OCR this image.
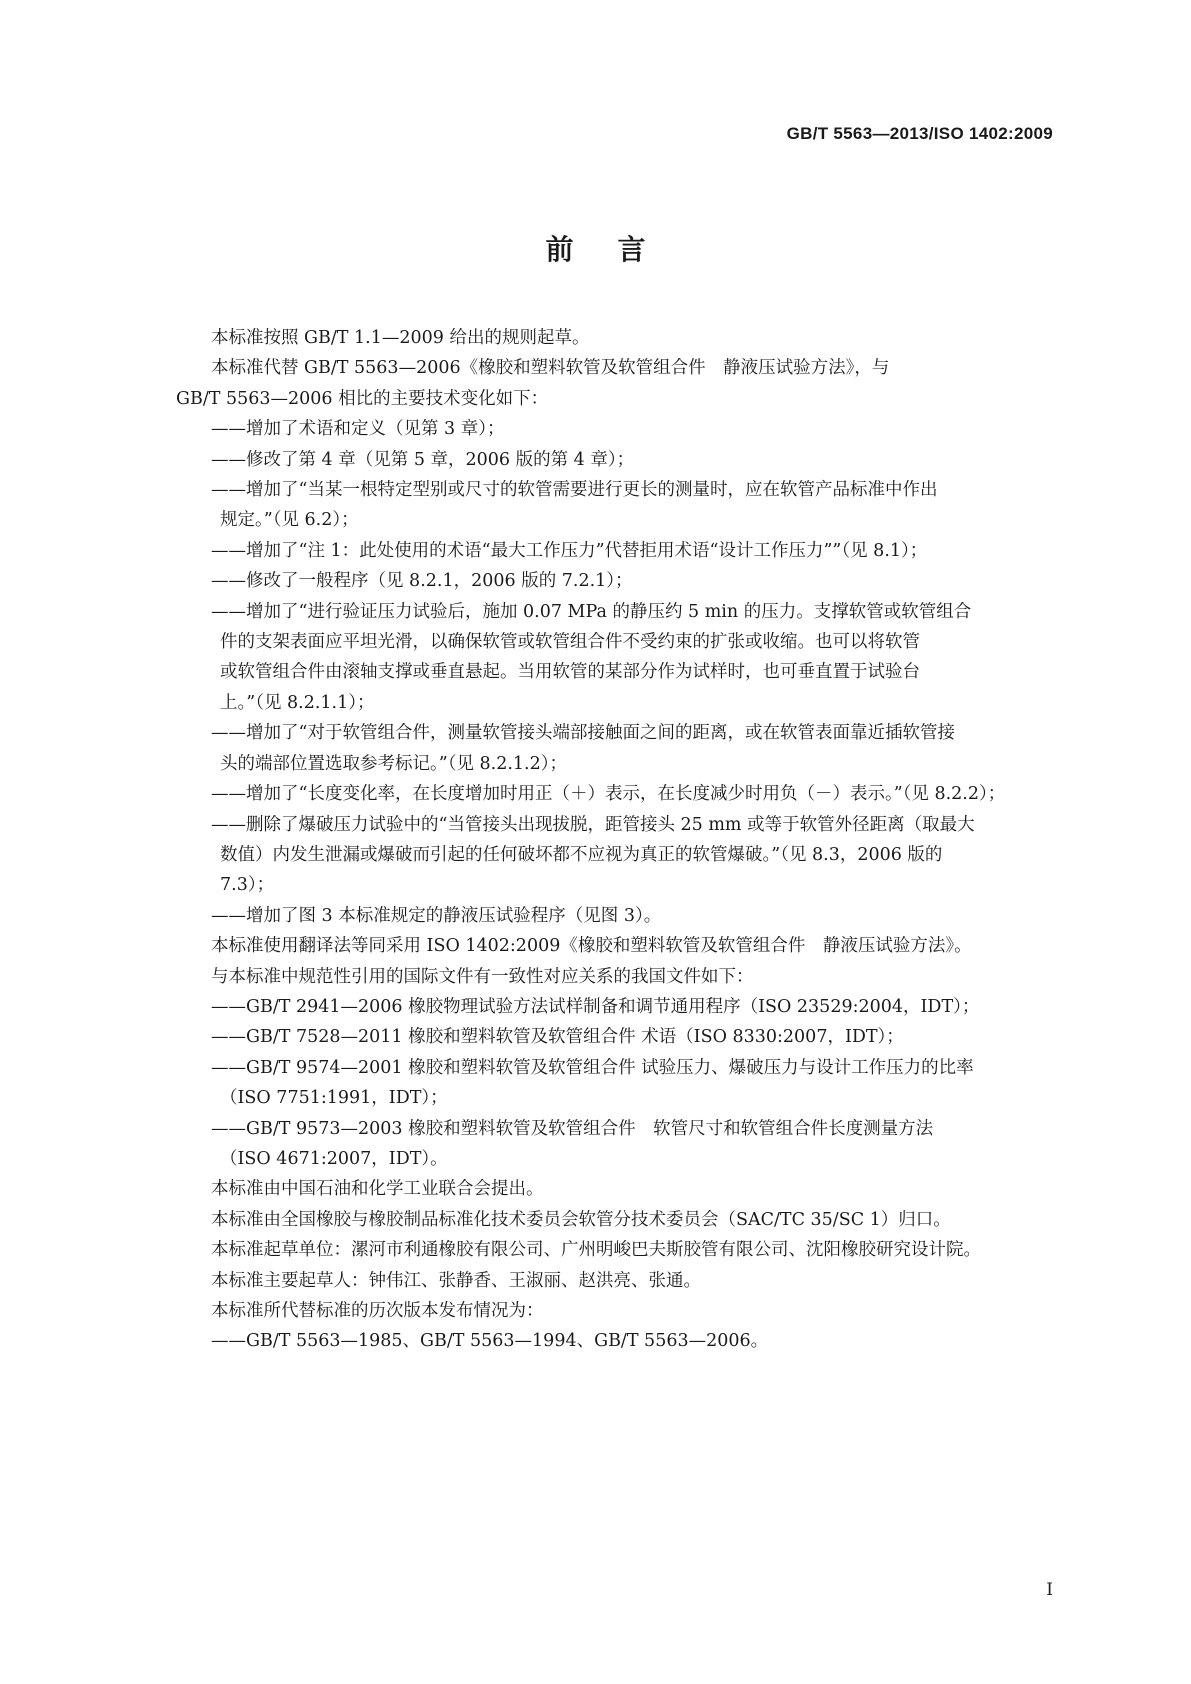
GB/T 5563—2013/ISO 1402:2009
前言

本标准按照 GB/T 1.1—2009 给出的规则起草。

本标准代替 GB/T 5563—2006《橡胶和塑料软管及软管组合件　静液压试验方法》，与

GB/T 5563—2006 相比的主要技术变化如下：

——增加了术语和定义（见第 3 章）；

——修改了第 4 章（见第 5 章，2006 版的第 4 章）；

——增加了“当某一根特定型别或尺寸的软管需要进行更长的测量时，应在软管产品标准中作出

规定。”（见 6.2）；

——增加了“注 1：此处使用的术语“最大工作压力”代替拒用术语“设计工作压力””（见 8.1）；

——修改了一般程序（见 8.2.1，2006 版的 7.2.1）；

——增加了“进行验证压力试验后，施加 0.07 MPa 的静压约 5 min 的压力。支撑软管或软管组合

件的支架表面应平坦光滑，以确保软管或软管组合件不受约束的扩张或收缩。也可以将软管

或软管组合件由滚轴支撑或垂直悬起。当用软管的某部分作为试样时，也可垂直置于试验台

上。”（见 8.2.1.1）；

——增加了“对于软管组合件，测量软管接头端部接触面之间的距离，或在软管表面靠近插软管接

头的端部位置选取参考标记。”（见 8.2.1.2）；

——增加了“长度变化率，在长度增加时用正（＋）表示，在长度减少时用负（－）表示。”（见 8.2.2）；

——删除了爆破压力试验中的“当管接头出现拔脱，距管接头 25 mm 或等于软管外径距离（取最大

数值）内发生泄漏或爆破而引起的任何破坏都不应视为真正的软管爆破。”（见 8.3，2006 版的

7.3）；

——增加了图 3 本标准规定的静液压试验程序（见图 3）。

本标准使用翻译法等同采用 ISO 1402:2009《橡胶和塑料软管及软管组合件　静液压试验方法》。

与本标准中规范性引用的国际文件有一致性对应关系的我国文件如下：

——GB/T 2941—2006 橡胶物理试验方法试样制备和调节通用程序（ISO 23529:2004，IDT）；

——GB/T 7528—2011 橡胶和塑料软管及软管组合件 术语（ISO 8330:2007，IDT）；

——GB/T 9574—2001 橡胶和塑料软管及软管组合件 试验压力、爆破压力与设计工作压力的比率

（ISO 7751:1991，IDT）；

——GB/T 9573—2003 橡胶和塑料软管及软管组合件　软管尺寸和软管组合件长度测量方法

（ISO 4671:2007，IDT）。

本标准由中国石油和化学工业联合会提出。

本标准由全国橡胶与橡胶制品标准化技术委员会软管分技术委员会（SAC/TC 35/SC 1）归口。

本标准起草单位：漯河市利通橡胶有限公司、广州明峻巴夫斯胶管有限公司、沈阳橡胶研究设计院。

本标准主要起草人：钟伟江、张静香、王淑丽、赵洪亮、张通。

本标准所代替标准的历次版本发布情况为：

——GB/T 5563—1985、GB/T 5563—1994、GB/T 5563—2006。

I
